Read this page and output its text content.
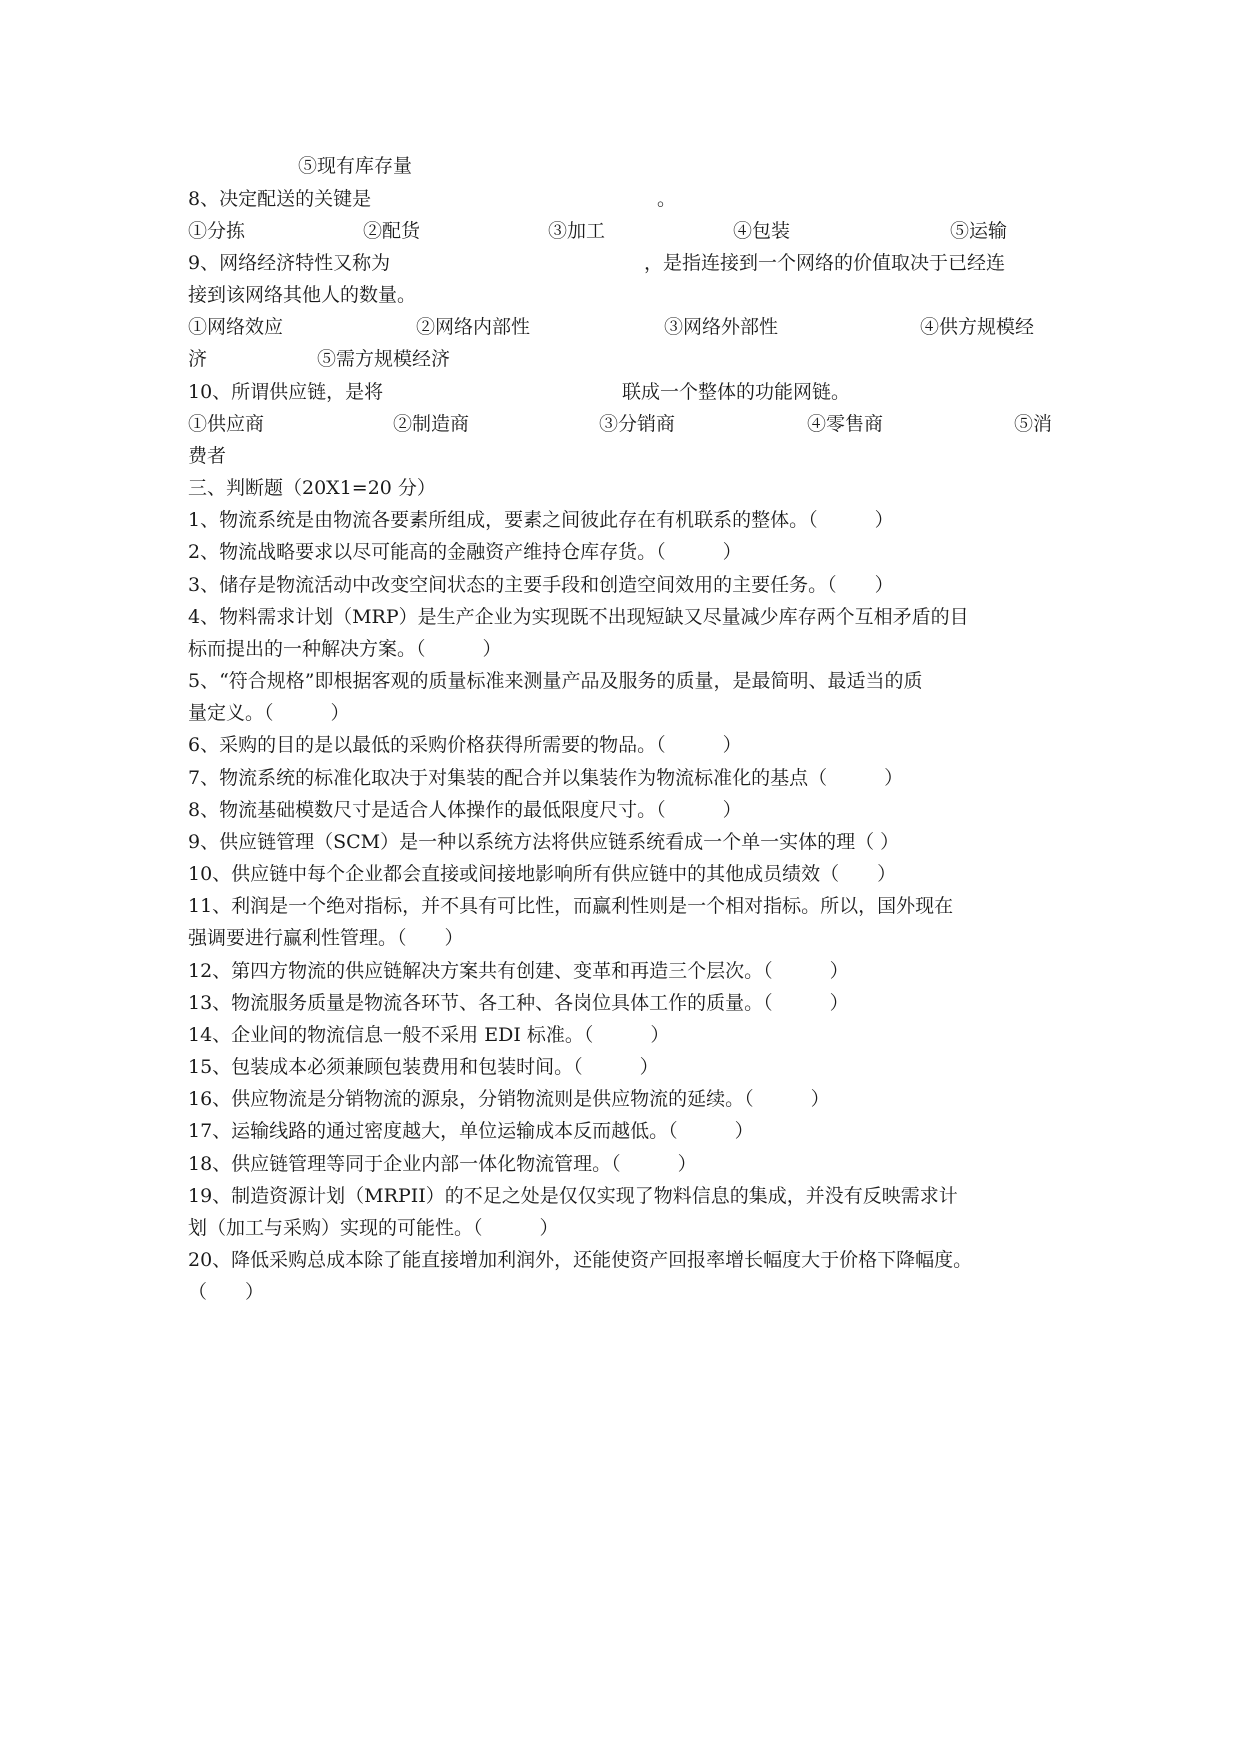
⑤现有库存量
8、决定配送的关键是	。
①分拣	②配货	③加工	④包装	⑤运输
9、网络经济特性又称为	，是指连接到一个网络的价值取决于已经连
接到该网络其他人的数量。
①网络效应	②网络内部性	③网络外部性	④供方规模经
济	⑤需方规模经济
10、所谓供应链，是将	联成一个整体的功能网链。
①供应商	②制造商	③分销商	④零售商	⑤消
费者
三、判断题（20X1=20 分）
1、物流系统是由物流各要素所组成，要素之间彼此存在有机联系的整体。（　　　）
2、物流战略要求以尽可能高的金融资产维持仓库存货。（　　　）
3、储存是物流活动中改变空间状态的主要手段和创造空间效用的主要任务。（　　）
4、物料需求计划（MRP）是生产企业为实现既不出现短缺又尽量减少库存两个互相矛盾的目
标而提出的一种解决方案。（　　　）
5、“符合规格”即根据客观的质量标准来测量产品及服务的质量，是最简明、最适当的质
量定义。（　　　）
6、采购的目的是以最低的采购价格获得所需要的物品。（　　　）
7、物流系统的标准化取决于对集装的配合并以集装作为物流标准化的基点（　　　）
8、物流基础模数尺寸是适合人体操作的最低限度尺寸。（　　　）
9、供应链管理（SCM）是一种以系统方法将供应链系统看成一个单一实体的理（ ）
10、供应链中每个企业都会直接或间接地影响所有供应链中的其他成员绩效（　　）
11、利润是一个绝对指标，并不具有可比性，而赢利性则是一个相对指标。所以，国外现在
强调要进行赢利性管理。（　　）
12、第四方物流的供应链解决方案共有创建、变革和再造三个层次。（　　　）
13、物流服务质量是物流各环节、各工种、各岗位具体工作的质量。（　　　）
14、企业间的物流信息一般不采用 EDI 标准。（　　　）
15、包装成本必须兼顾包装费用和包装时间。（　　　）
16、供应物流是分销物流的源泉，分销物流则是供应物流的延续。（　　　）
17、运输线路的通过密度越大，单位运输成本反而越低。（　　　）
18、供应链管理等同于企业内部一体化物流管理。（　　　）
19、制造资源计划（MRPII）的不足之处是仅仅实现了物料信息的集成，并没有反映需求计
划（加工与采购）实现的可能性。（　　　）
20、降低采购总成本除了能直接增加利润外，还能使资产回报率增长幅度大于价格下降幅度。
（　　）
